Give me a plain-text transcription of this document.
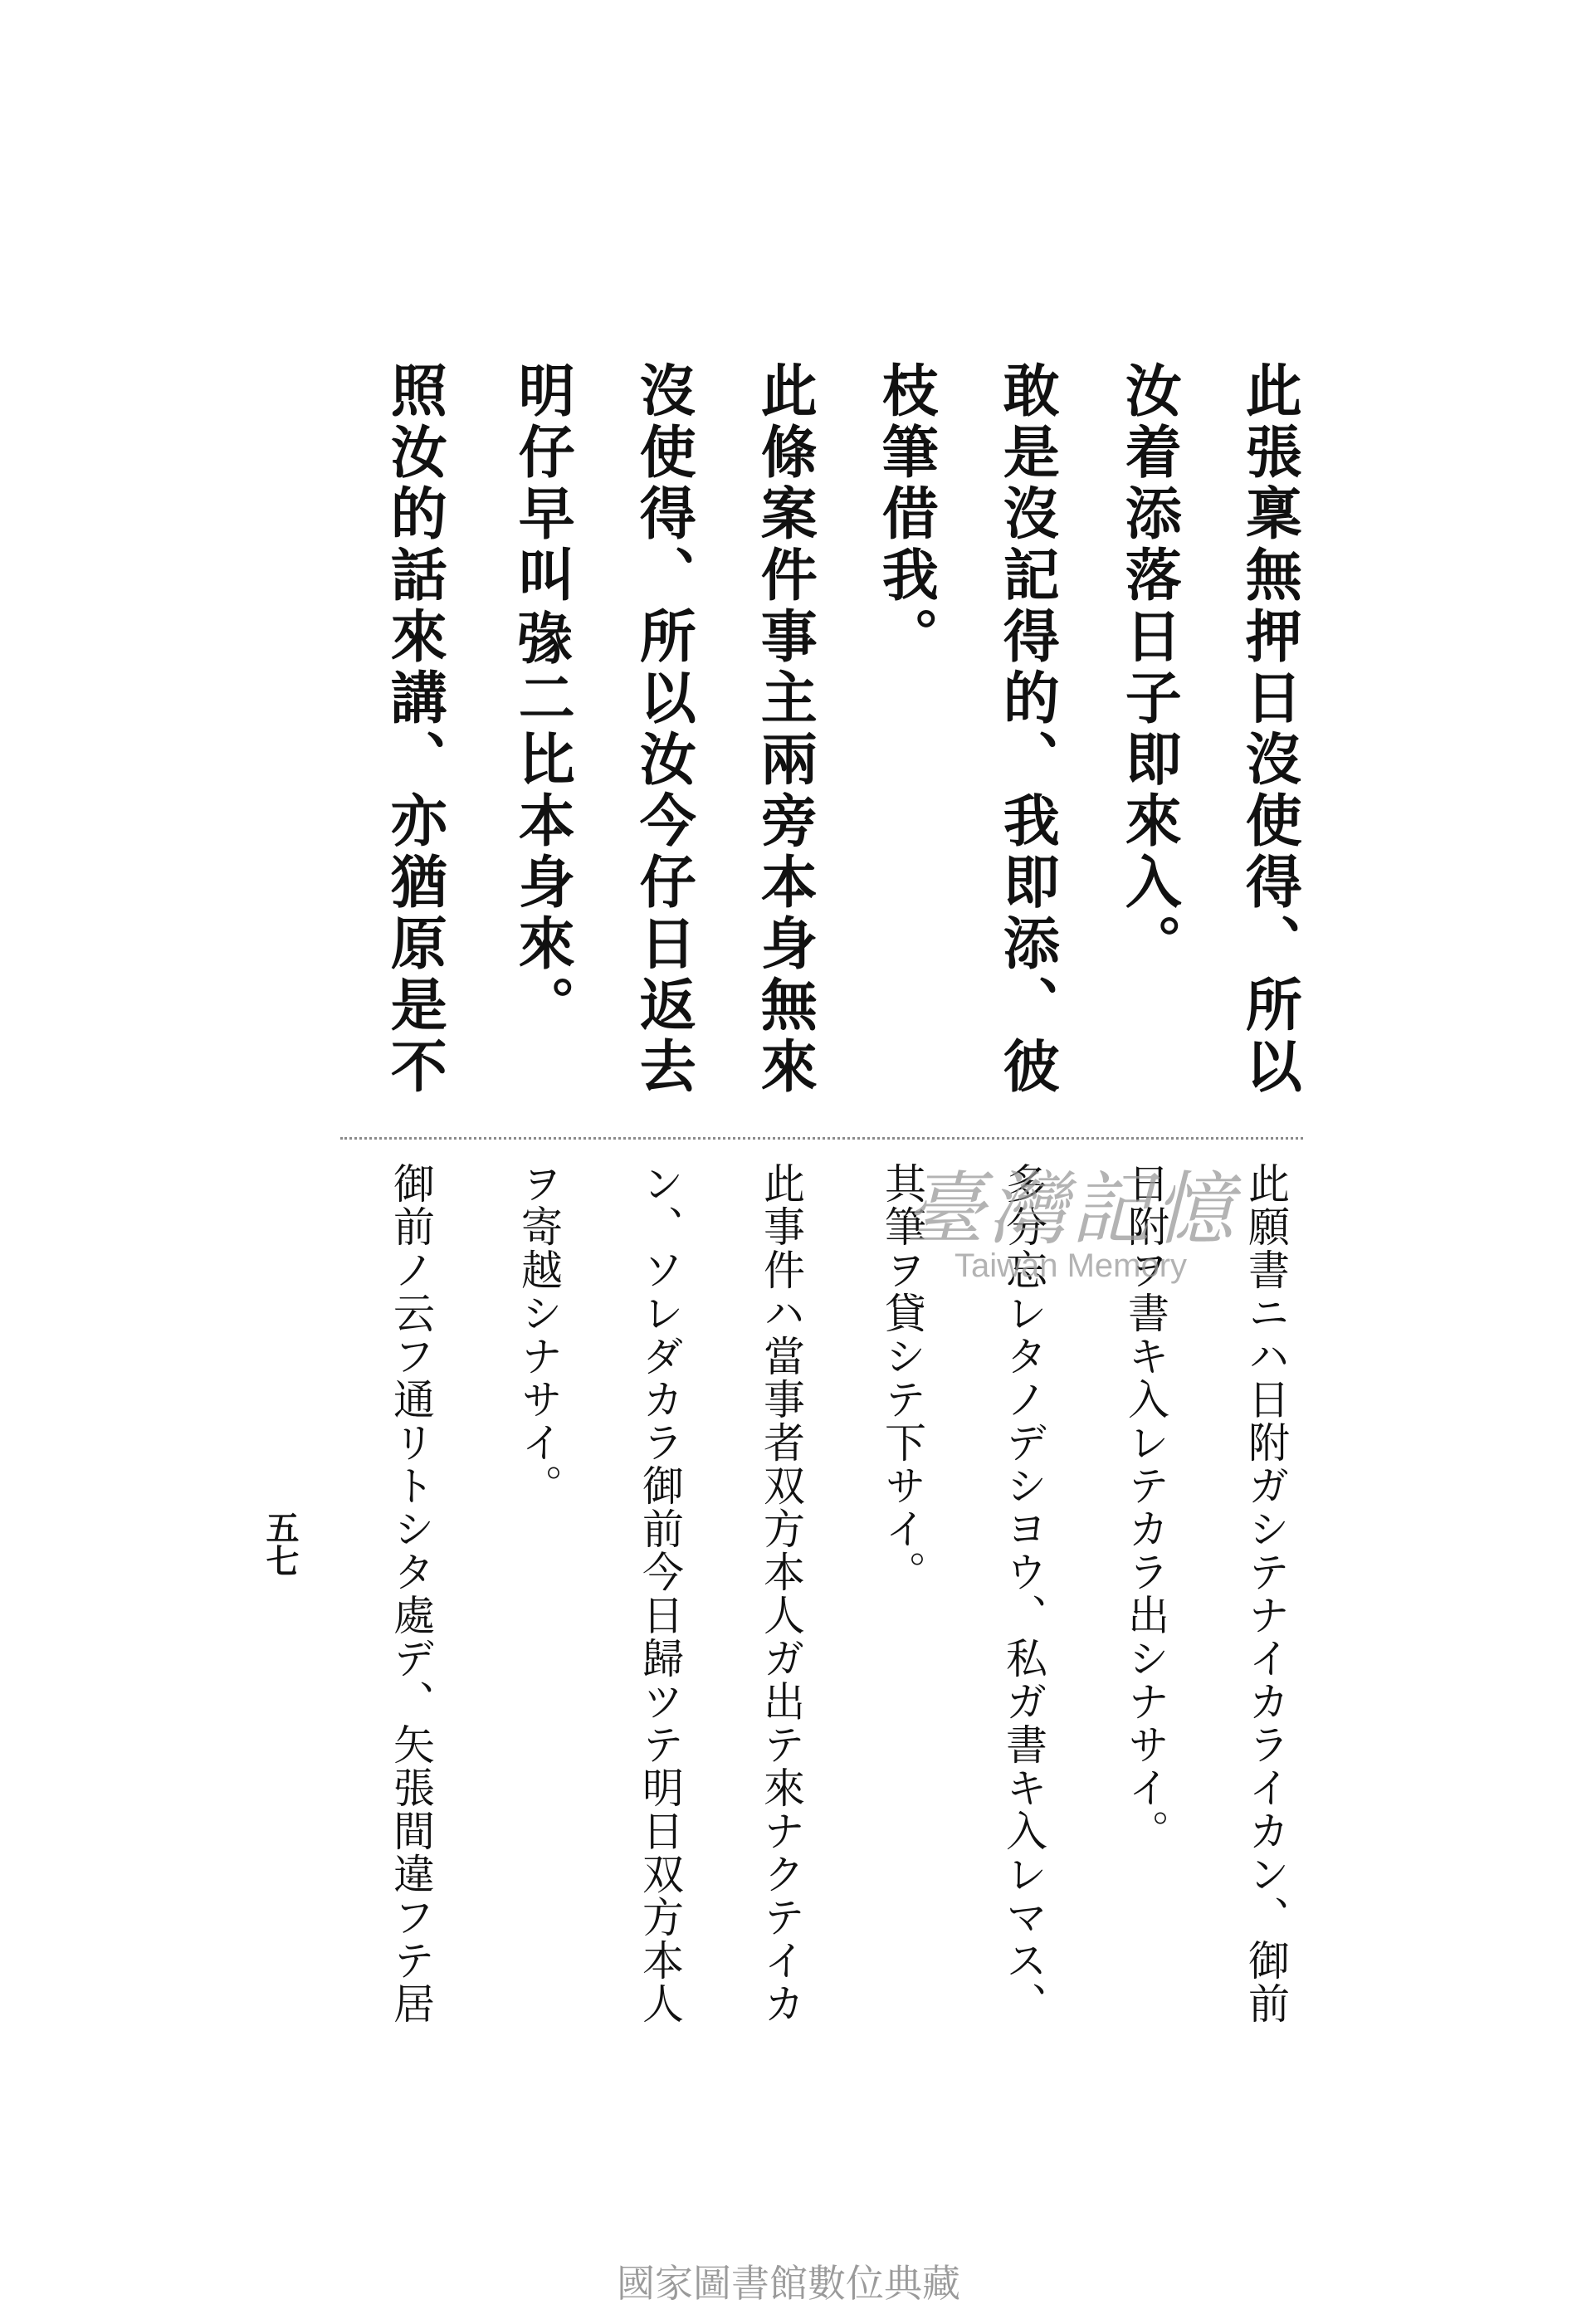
此張稟無押日沒使得、所以
汝着添落日子即來入。
敢是沒記得的、我即添、彼
枝筆借我。
此條案件事主兩旁本身無來
沒使得、所以汝今仔日返去
明仔早叫𢐄二比本身來。
照汝的話來講、亦猶原是不
此願書ニハ日附ガシテナイカライカン、御前
日附ヲ書キ入レテカラ出シナサイ。
多分忘レタノデシヨウ、私ガ書キ入レマス、
其筆ヲ貸シテ下サイ。
此事件ハ當事者双方本人ガ出テ來ナクテイカ
ン、ソレダカラ御前今日歸ツテ明日双方本人
ヲ寄越シナサイ。
御前ノ云フ通リトシタ處デ、矢張間違フテ居
五七
臺灣記憶
Taiwan Memory
國家圖書館數位典藏
